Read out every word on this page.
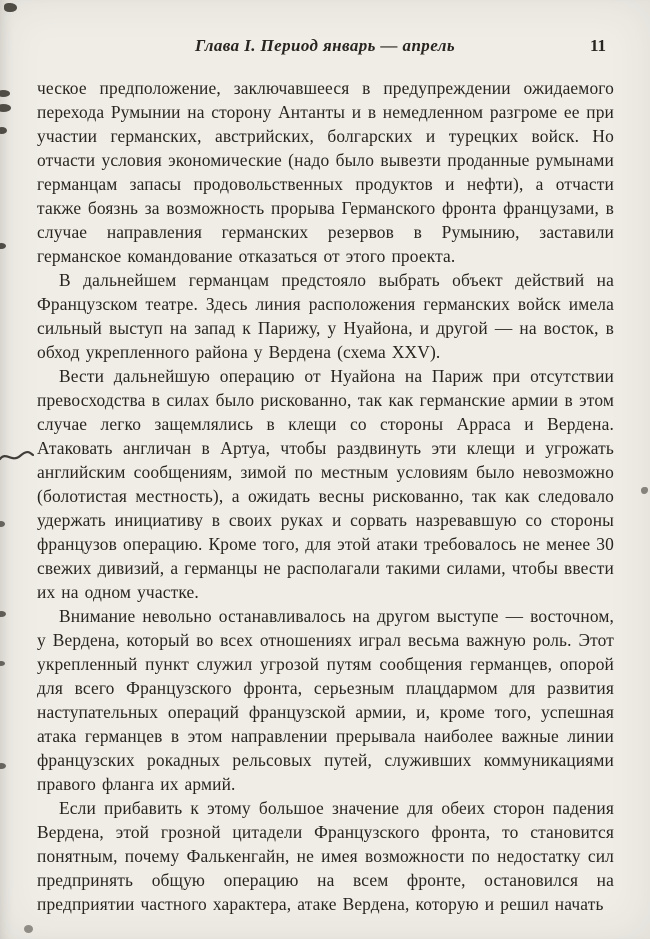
Глава I. Период январь — апрель	11

ческое предположение, заключавшееся в предупреждении ожидаемого перехода Румынии на сторону Антанты и в немедленном разгроме ее при участии германских, австрийских, болгарских и турецких войск. Но отчасти условия экономические (надо было вывезти проданные румынами германцам запасы продовольственных продуктов и нефти), а отчасти также боязнь за возможность прорыва Германского фронта французами, в случае направления германских резервов в Румынию, заставили германское командование отказаться от этого проекта.

В дальнейшем германцам предстояло выбрать объект действий на Французском театре. Здесь линия расположения германских войск имела сильный выступ на запад к Парижу, у Нуайона, и другой — на восток, в обход укрепленного района у Вердена (схема XXV).

Вести дальнейшую операцию от Нуайона на Париж при отсутствии превосходства в силах было рискованно, так как германские армии в этом случае легко защемлялись в клещи со стороны Арраса и Вердена. Атаковать англичан в Артуа, чтобы раздвинуть эти клещи и угрожать английским сообщениям, зимой по местным условиям было невозможно (болотистая местность), а ожидать весны рискованно, так как следовало удержать инициативу в своих руках и сорвать назревавшую со стороны французов операцию. Кроме того, для этой атаки требовалось не менее 30 свежих дивизий, а германцы не располагали такими силами, чтобы ввести их на одном участке.

Внимание невольно останавливалось на другом выступе — восточном, у Вердена, который во всех отношениях играл весьма важную роль. Этот укрепленный пункт служил угрозой путям сообщения германцев, опорой для всего Французского фронта, серьезным плацдармом для развития наступательных операций французской армии, и, кроме того, успешная атака германцев в этом направлении прерывала наиболее важные линии французских рокадных рельсовых путей, служивших коммуникациями правого фланга их армий.

Если прибавить к этому большое значение для обеих сторон падения Вердена, этой грозной цитадели Французского фронта, то становится понятным, почему Фалькенгайн, не имея возможности по недостатку сил предпринять общую операцию на всем фронте, остановился на предприятии частного характера, атаке Вердена, которую и решил начать
